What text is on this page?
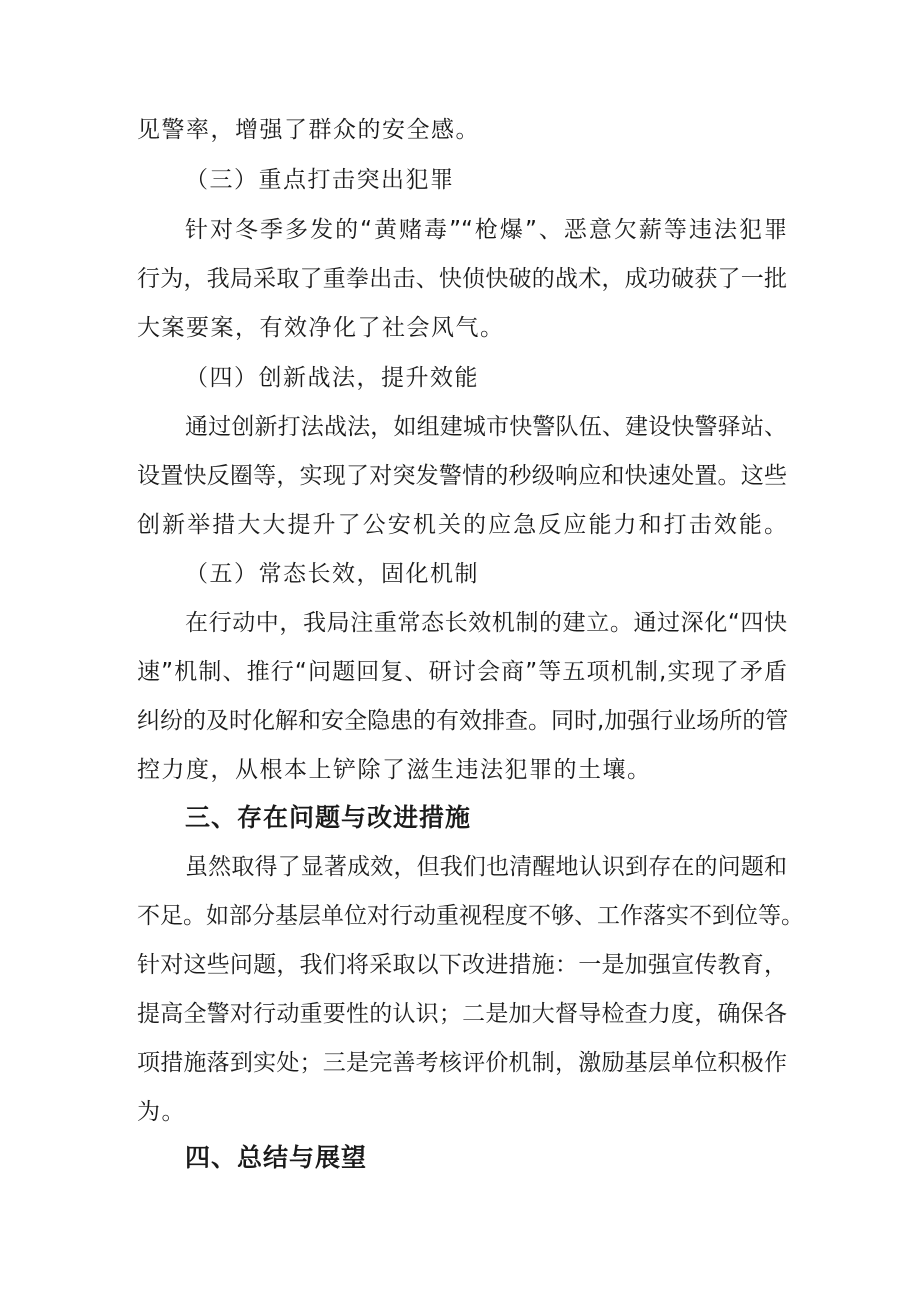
见警率，增强了群众的安全感。
（三）重点打击突出犯罪
针对冬季多发的“黄赌毒”“枪爆”、恶意欠薪等违法犯罪
行为，我局采取了重拳出击、快侦快破的战术，成功破获了一批
大案要案，有效净化了社会风气。
（四）创新战法，提升效能
通过创新打法战法，如组建城市快警队伍、建设快警驿站、
设置快反圈等，实现了对突发警情的秒级响应和快速处置。这些
创新举措大大提升了公安机关的应急反应能力和打击效能。
（五）常态长效，固化机制
在行动中，我局注重常态长效机制的建立。通过深化“四快
速”机制、推行“问题回复、研讨会商”等五项机制,实现了矛盾
纠纷的及时化解和安全隐患的有效排查。同时,加强行业场所的管
控力度，从根本上铲除了滋生违法犯罪的土壤。
三、存在问题与改进措施
虽然取得了显著成效，但我们也清醒地认识到存在的问题和
不足。如部分基层单位对行动重视程度不够、工作落实不到位等。
针对这些问题，我们将采取以下改进措施：一是加强宣传教育，
提高全警对行动重要性的认识；二是加大督导检查力度，确保各
项措施落到实处；三是完善考核评价机制，激励基层单位积极作
为。
四、总结与展望
